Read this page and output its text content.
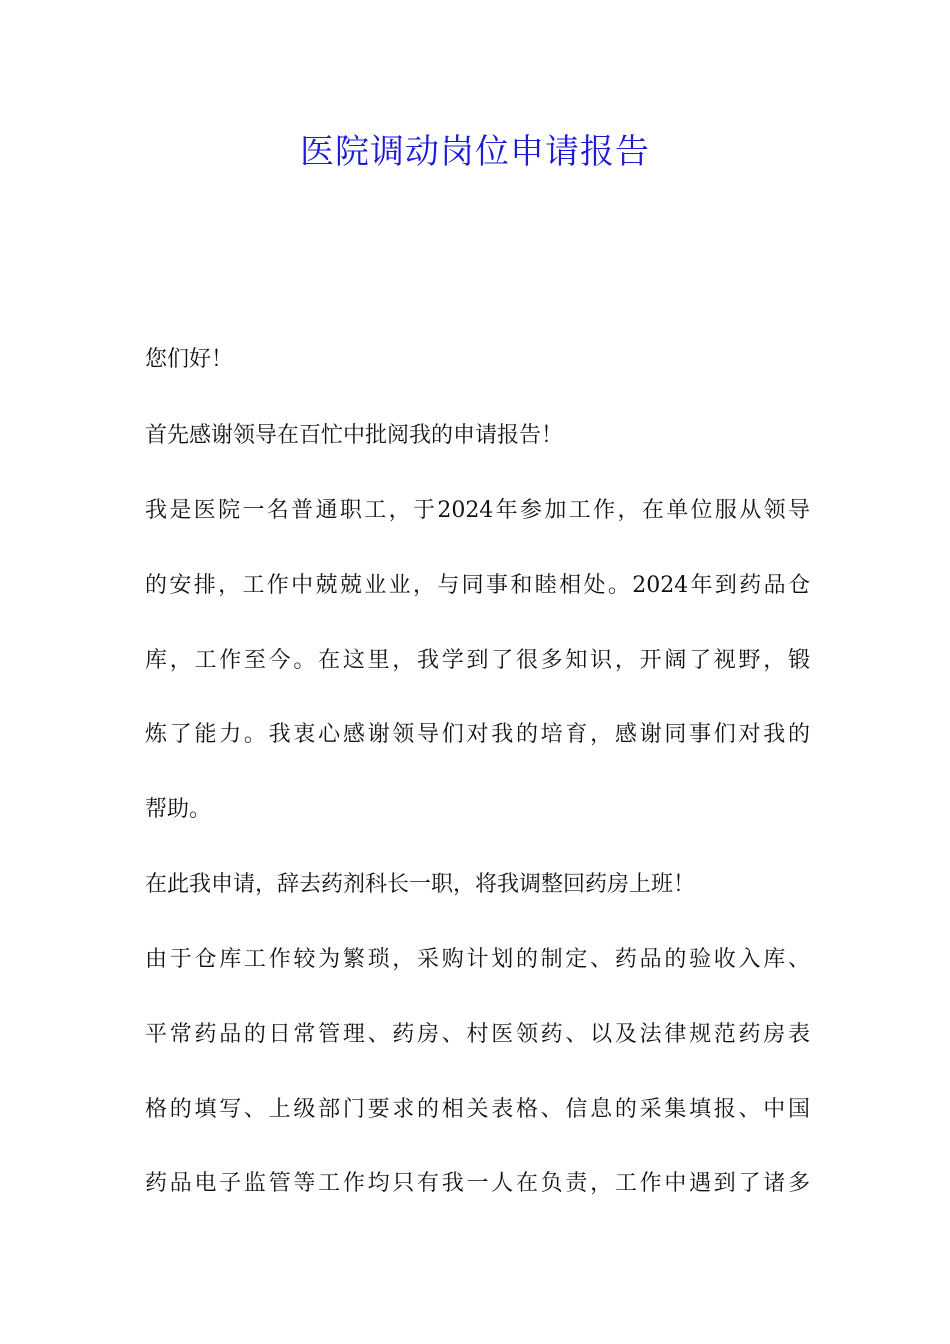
医院调动岗位申请报告
您们好！
首先感谢领导在百忙中批阅我的申请报告！
我是医院一名普通职工，于2024年参加工作，在单位服从领导
的安排，工作中兢兢业业，与同事和睦相处。2024年到药品仓
库，工作至今。在这里，我学到了很多知识，开阔了视野，锻
炼了能力。我衷心感谢领导们对我的培育，感谢同事们对我的
帮助。
在此我申请，辞去药剂科长一职，将我调整回药房上班！
由于仓库工作较为繁琐，采购计划的制定、药品的验收入库、
平常药品的日常管理、药房、村医领药、以及法律规范药房表
格的填写、上级部门要求的相关表格、信息的采集填报、中国
药品电子监管等工作均只有我一人在负责，工作中遇到了诸多
